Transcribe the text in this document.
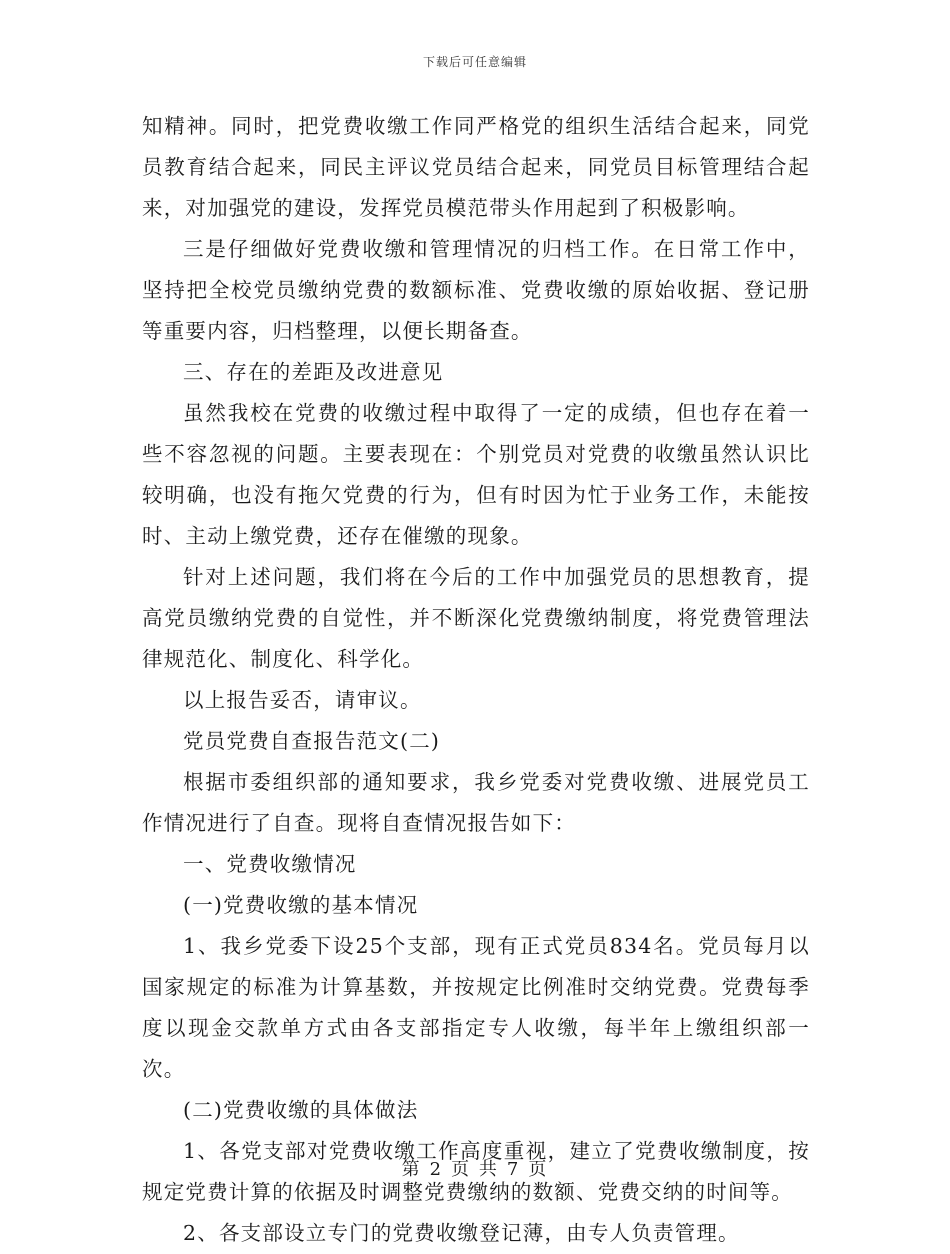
下载后可任意编辑

知精神。同时，把党费收缴工作同严格党的组织生活结合起来，同党员教育结合起来，同民主评议党员结合起来，同党员目标管理结合起来，对加强党的建设，发挥党员模范带头作用起到了积极影响。

三是仔细做好党费收缴和管理情况的归档工作。在日常工作中，坚持把全校党员缴纳党费的数额标准、党费收缴的原始收据、登记册等重要内容，归档整理，以便长期备查。

三、存在的差距及改进意见

虽然我校在党费的收缴过程中取得了一定的成绩，但也存在着一些不容忽视的问题。主要表现在：个别党员对党费的收缴虽然认识比较明确，也没有拖欠党费的行为，但有时因为忙于业务工作，未能按时、主动上缴党费，还存在催缴的现象。

针对上述问题，我们将在今后的工作中加强党员的思想教育，提高党员缴纳党费的自觉性，并不断深化党费缴纳制度，将党费管理法律规范化、制度化、科学化。

以上报告妥否，请审议。

党员党费自查报告范文(二)

根据市委组织部的通知要求，我乡党委对党费收缴、进展党员工作情况进行了自查。现将自查情况报告如下：

一、党费收缴情况

(一)党费收缴的基本情况

1、我乡党委下设25个支部，现有正式党员834名。党员每月以国家规定的标准为计算基数，并按规定比例准时交纳党费。党费每季度以现金交款单方式由各支部指定专人收缴，每半年上缴组织部一次。

(二)党费收缴的具体做法

1、各党支部对党费收缴工作高度重视，建立了党费收缴制度，按规定党费计算的依据及时调整党费缴纳的数额、党费交纳的时间等。

2、各支部设立专门的党费收缴登记薄，由专人负责管理。

第 2 页 共 7 页
